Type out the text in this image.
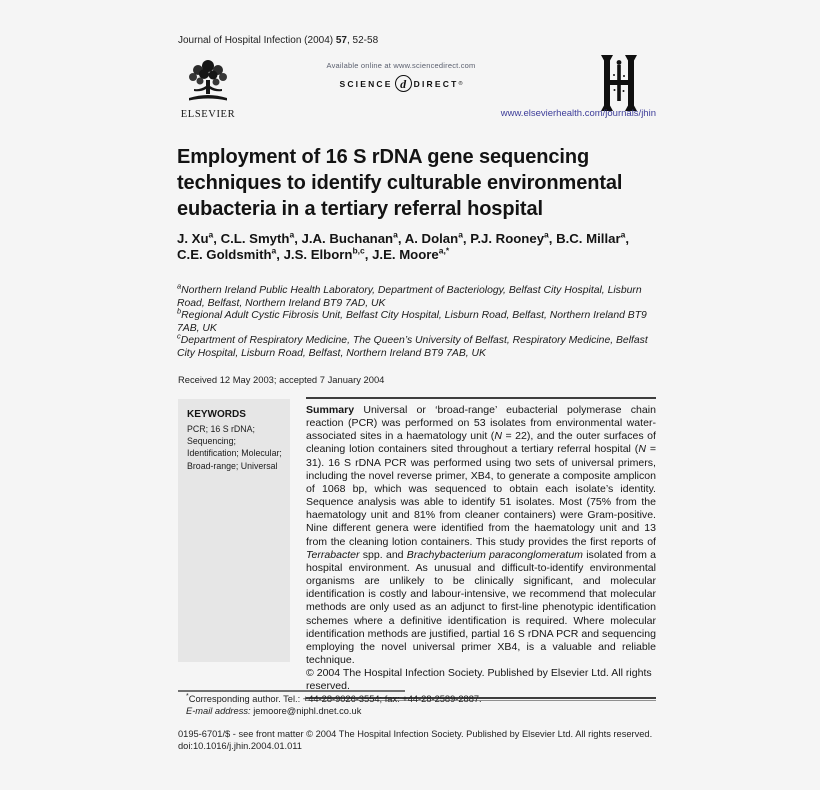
Journal of Hospital Infection (2004) 57, 52-58
ELSEVIER
Available online at www.sciencedirect.com
SCIENCE d DIRECT ®
www.elsevierhealth.com/journals/jhin
Employment of 16 S rDNA gene sequencing techniques to identify culturable environmental eubacteria in a tertiary referral hospital
J. Xu$^a$, C.L. Smyth$^a$, J.A. Buchanan$^a$, A. Dolan$^a$, P.J. Rooney$^a$, B.C. Millar$^a$,
C.E. Goldsmith$^a$, J.S. Elborn$^{b,c}$, J.E. Moore$^{a,*}$
$^a$Northern Ireland Public Health Laboratory, Department of Bacteriology, Belfast City Hospital, Lisburn Road, Belfast, Northern Ireland BT9 7AD, UK
$^b$Regional Adult Cystic Fibrosis Unit, Belfast City Hospital, Lisburn Road, Belfast, Northern Ireland BT9 7AB, UK
$^c$Department of Respiratory Medicine, The Queen’s University of Belfast, Respiratory Medicine, Belfast City Hospital, Lisburn Road, Belfast, Northern Ireland BT9 7AB, UK
Received 12 May 2003; accepted 7 January 2004
KEYWORDS
PCR; 16 S rDNA;
Sequencing;
Identification; Molecular;
Broad-range; Universal

Summary Universal or ‘broad-range’ eubacterial polymerase chain reaction (PCR) was performed on 53 isolates from environmental water-associated sites in a haematology unit (N = 22), and the outer surfaces of cleaning lotion containers sited throughout a tertiary referral hospital (N = 31). 16 S rDNA PCR was performed using two sets of universal primers, including the novel reverse primer, XB4, to generate a composite amplicon of 1068 bp, which was sequenced to obtain each isolate’s identity. Sequence analysis was able to identify 51 isolates. Most (75% from the haematology unit and 81% from cleaner containers) were Gram-positive. Nine different genera were identified from the haematology unit and 13 from the cleaning lotion containers. This study provides the first reports of Terrabacter spp. and Brachybacterium paraconglomeratum isolated from a hospital environment. As unusual and difficult-to-identify environmental organisms are unlikely to be clinically significant, and molecular identification is costly and labour-intensive, we recommend that molecular methods are only used as an adjunct to first-line phenotypic identification schemes where a definitive identification is required. Where molecular identification methods are justified, partial 16 S rDNA PCR and sequencing employing the novel universal primer XB4, is a valuable and reliable technique.

© 2004 The Hospital Infection Society. Published by Elsevier Ltd. All rights reserved.

*Corresponding author. Tel.: +44-28-9026-3554; fax: +44-28-2589-2887.
E-mail address: jemoore@niphl.dnet.co.uk
0195-6701/$ - see front matter © 2004 The Hospital Infection Society. Published by Elsevier Ltd. All rights reserved.
doi:10.1016/j.jhin.2004.01.011
